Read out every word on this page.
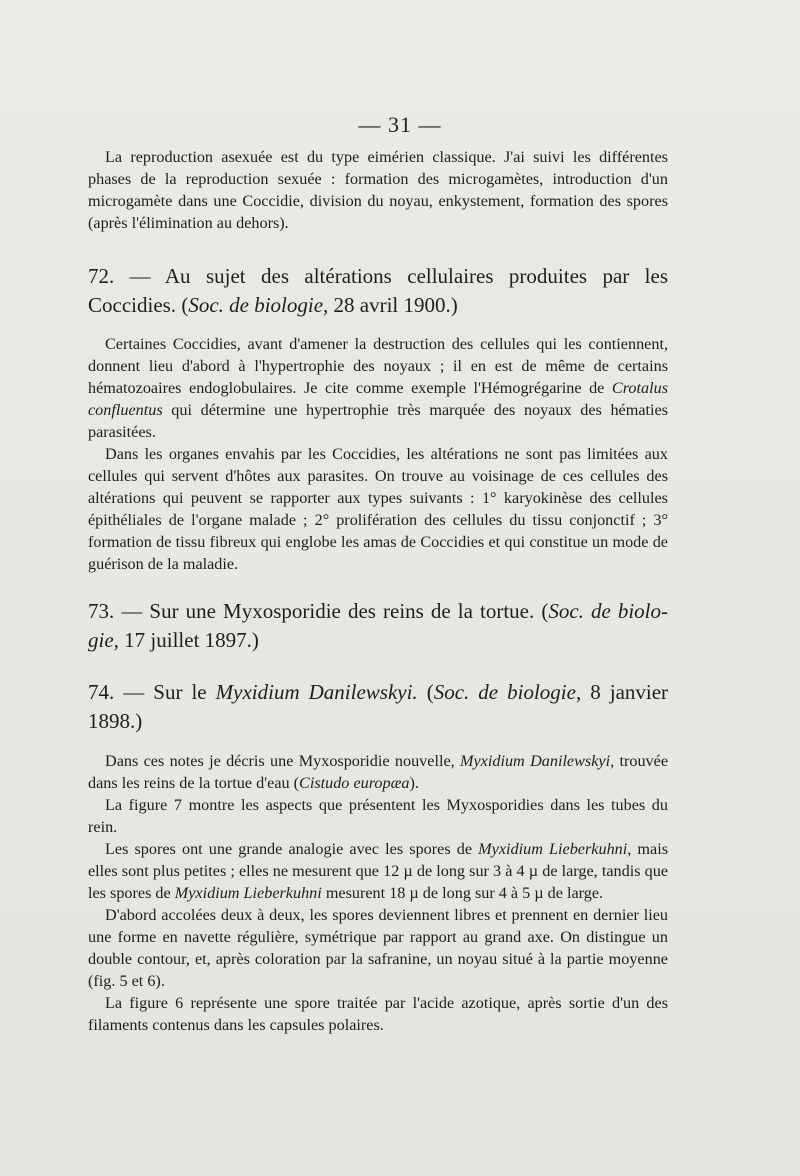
— 31 —

La reproduction asexuée est du type eimérien classique. J'ai suivi les différentes phases de la reproduction sexuée : formation des microgamètes, introduction d'un microgamète dans une Coccidie, division du noyau, enkystement, formation des spores (après l'élimination au dehors).

72. — Au sujet des altérations cellulaires produites par les Coccidies. (Soc. de biologie, 28 avril 1900.)

Certaines Coccidies, avant d'amener la destruction des cellules qui les contiennent, donnent lieu d'abord à l'hypertrophie des noyaux ; il en est de même de certains hématozoaires endoglobulaires. Je cite comme exemple l'Hémogrégarine de Crotalus confluentus qui détermine une hypertrophie très marquée des noyaux des hématies parasitées.

Dans les organes envahis par les Coccidies, les altérations ne sont pas limitées aux cellules qui servent d'hôtes aux parasites. On trouve au voisinage de ces cellules des altérations qui peuvent se rapporter aux types suivants : 1° karyokinèse des cellules épithéliales de l'organe malade ; 2° prolifération des cellules du tissu conjonctif ; 3° formation de tissu fibreux qui englobe les amas de Coccidies et qui constitue un mode de guérison de la maladie.

73. — Sur une Myxosporidie des reins de la tortue. (Soc. de biolo-gie, 17 juillet 1897.)

74. — Sur le Myxidium Danilewskyi. (Soc. de biologie, 8 janvier 1898.)

Dans ces notes je décris une Myxosporidie nouvelle, Myxidium Danilewskyi, trouvée dans les reins de la tortue d'eau (Cistudo europæa).

La figure 7 montre les aspects que présentent les Myxosporidies dans les tubes du rein.

Les spores ont une grande analogie avec les spores de Myxidium Lieberkuhni, mais elles sont plus petites ; elles ne mesurent que 12 µ de long sur 3 à 4 µ de large, tandis que les spores de Myxidium Lieberkuhni mesurent 18 µ de long sur 4 à 5 µ de large.

D'abord accolées deux à deux, les spores deviennent libres et prennent en dernier lieu une forme en navette régulière, symétrique par rapport au grand axe. On distingue un double contour, et, après coloration par la safranine, un noyau situé à la partie moyenne (fig. 5 et 6).

La figure 6 représente une spore traitée par l'acide azotique, après sortie d'un des filaments contenus dans les capsules polaires.
